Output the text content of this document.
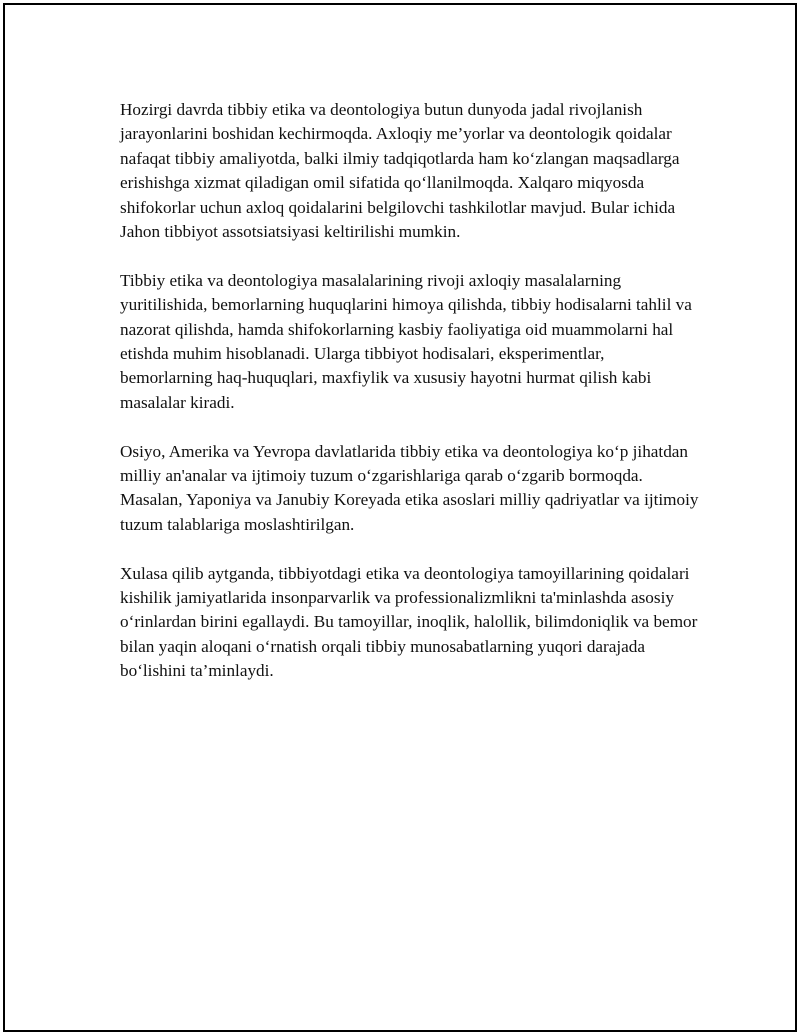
Hozirgi davrda tibbiy etika va deontologiya butun dunyoda jadal rivojlanish jarayonlarini boshidan kechirmoqda. Axloqiy me’yorlar va deontologik qoidalar nafaqat tibbiy amaliyotda, balki ilmiy tadqiqotlarda ham ko‘zlangan maqsadlarga erishishga xizmat qiladigan omil sifatida qo‘llanilmoqda. Xalqaro miqyosda shifokorlar uchun axloq qoidalarini belgilovchi tashkilotlar mavjud. Bular ichida Jahon tibbiyot assotsiatsiyasi keltirilishi mumkin.

Tibbiy etika va deontologiya masalalarining rivoji axloqiy masalalarning yuritilishida, bemorlarning huquqlarini himoya qilishda, tibbiy hodisalarni tahlil va nazorat qilishda, hamda shifokorlarning kasbiy faoliyatiga oid muammolarni hal etishda muhim hisoblanadi. Ularga tibbiyot hodisalari, eksperimentlar, bemorlarning haq-huquqlari, maxfiylik va xususiy hayotni hurmat qilish kabi masalalar kiradi.

Osiyo, Amerika va Yevropa davlatlarida tibbiy etika va deontologiya ko‘p jihatdan milliy an'analar va ijtimoiy tuzum o‘zgarishlariga qarab o‘zgarib bormoqda. Masalan, Yaponiya va Janubiy Koreyada etika asoslari milliy qadriyatlar va ijtimoiy tuzum talablariga moslashtirilgan.

Xulasa qilib aytganda, tibbiyotdagi etika va deontologiya tamoyillarining qoidalari kishilik jamiyatlarida insonparvarlik va professionalizmlikni ta'minlashda asosiy o‘rinlardan birini egallaydi. Bu tamoyillar, inoqlik, halollik, bilimdoniqlik va bemor bilan yaqin aloqani o‘rnatish orqali tibbiy munosabatlarning yuqori darajada bo‘lishini ta’minlaydi.
